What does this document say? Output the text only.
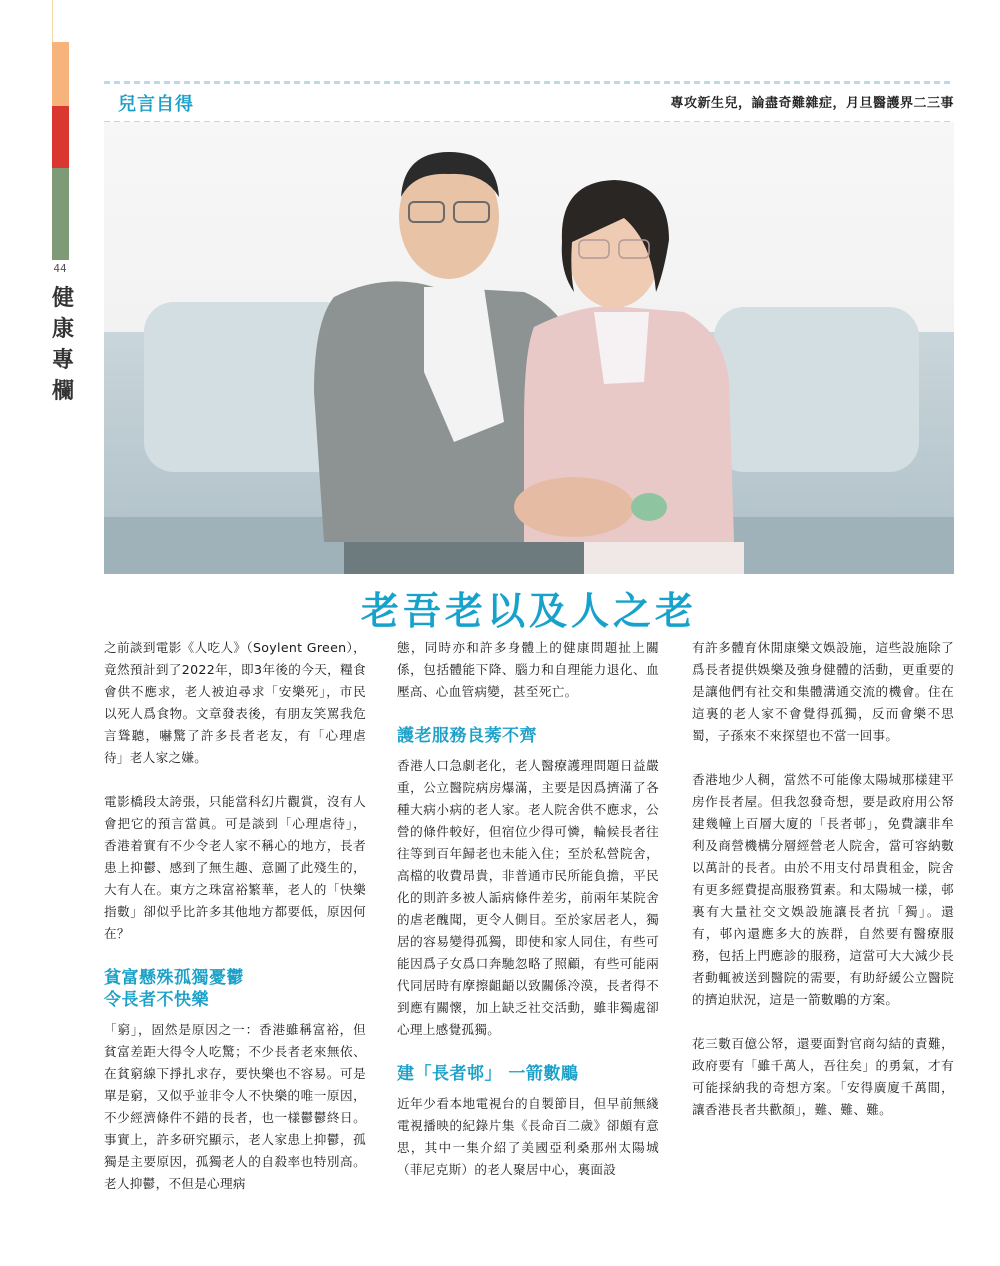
44
健康專欄
兒言自得	專攻新生兒，論盡奇難雜症，月旦醫護界二三事
老吾老以及人之老

之前談到電影《人吃人》（Soylent Green），竟然預計到了2022年，即3年後的今天，糧食會供不應求，老人被迫尋求「安樂死」，市民以死人爲食物。文章發表後，有朋友笑罵我危言聳聽，嚇驚了許多長者老友，有「心理虐待」老人家之嫌。

電影橋段太誇張，只能當科幻片觀賞，沒有人會把它的預言當眞。可是談到「心理虐待」，香港着實有不少令老人家不稱心的地方，長者患上抑鬱、感到了無生趣、意圖了此殘生的，大有人在。東方之珠富裕繁華，老人的「快樂指數」卻似乎比許多其他地方都要低，原因何在？

貧富懸殊孤獨憂鬱
令長者不快樂

「窮」，固然是原因之一：香港雖稱富裕，但貧富差距大得令人吃驚；不少長者老來無依、在貧窮線下掙扎求存，要快樂也不容易。可是單是窮，又似乎並非令人不快樂的唯一原因，不少經濟條件不錯的長者，也一樣鬱鬱終日。事實上，許多研究顯示，老人家患上抑鬱，孤獨是主要原因，孤獨老人的自殺率也特別高。老人抑鬱，不但是心理病

態，同時亦和許多身體上的健康問題扯上關係，包括體能下降、腦力和自理能力退化、血壓高、心血管病變，甚至死亡。

護老服務良莠不齊

香港人口急劇老化，老人醫療護理問題日益嚴重，公立醫院病房爆滿，主要是因爲擠滿了各種大病小病的老人家。老人院舍供不應求，公營的條件較好，但宿位少得可憐，輪候長者往往等到百年歸老也未能入住；至於私營院舍，高檔的收費昂貴，非普通市民所能負擔，平民化的則許多被人詬病條件差劣，前兩年某院舍的虐老醜聞，更令人側目。至於家居老人，獨居的容易變得孤獨，即使和家人同住，有些可能因爲子女爲口奔馳忽略了照顧，有些可能兩代同居時有摩擦齟齬以致關係冷漠，長者得不到應有關懷，加上缺乏社交活動，雖非獨處卻心理上感覺孤獨。

建「長者邨」 一箭數鵰

近年少看本地電視台的自製節目，但早前無綫電視播映的紀錄片集《長命百二歲》卻頗有意思，其中一集介紹了美國亞利桑那州太陽城（菲尼克斯）的老人聚居中心，裏面設

有許多體育休閒康樂文娛設施，這些設施除了爲長者提供娛樂及強身健體的活動，更重要的是讓他們有社交和集體溝通交流的機會。住在這裏的老人家不會覺得孤獨，反而會樂不思蜀，子孫來不來探望也不當一回事。

香港地少人稠，當然不可能像太陽城那樣建平房作長者屋。但我忽發奇想，要是政府用公帑建幾幢上百層大廈的「長者邨」，免費讓非牟利及商營機構分層經營老人院舍，當可容納數以萬計的長者。由於不用支付昂貴租金，院舍有更多經費提高服務質素。和太陽城一樣，邨裏有大量社交文娛設施讓長者抗「獨」。還有，邨內還應多大的族群，自然要有醫療服務，包括上門應診的服務，這當可大大減少長者動輒被送到醫院的需要，有助紓緩公立醫院的擠迫狀況，這是一箭數鵰的方案。

花三數百億公帑，還要面對官商勾結的責難，政府要有「雖千萬人，吾往矣」的勇氣，才有可能採納我的奇想方案。「安得廣廈千萬間，讓香港長者共歡顏」，難、難、難。
